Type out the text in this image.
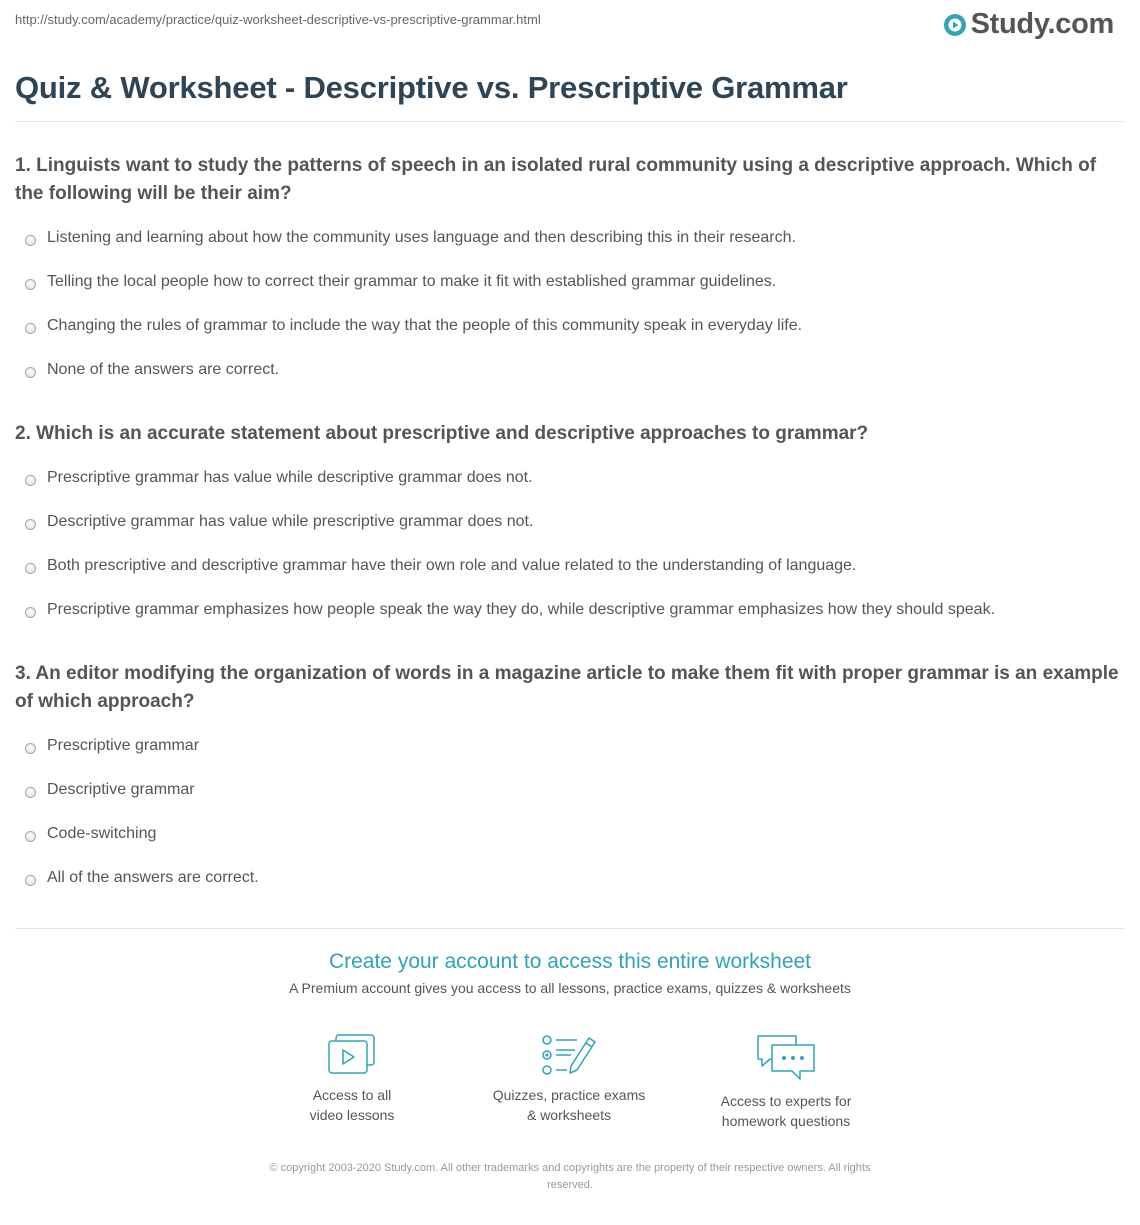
http://study.com/academy/practice/quiz-worksheet-descriptive-vs-prescriptive-grammar.html	Study.com
Quiz & Worksheet - Descriptive vs. Prescriptive Grammar

1. Linguists want to study the patterns of speech in an isolated rural community using a descriptive approach. Which of the following will be their aim?

Listening and learning about how the community uses language and then describing this in their research.
Telling the local people how to correct their grammar to make it fit with established grammar guidelines.
Changing the rules of grammar to include the way that the people of this community speak in everyday life.
None of the answers are correct.

2. Which is an accurate statement about prescriptive and descriptive approaches to grammar?

Prescriptive grammar has value while descriptive grammar does not.
Descriptive grammar has value while prescriptive grammar does not.
Both prescriptive and descriptive grammar have their own role and value related to the understanding of language.
Prescriptive grammar emphasizes how people speak the way they do, while descriptive grammar emphasizes how they should speak.

3. An editor modifying the organization of words in a magazine article to make them fit with proper grammar is an example of which approach?

Prescriptive grammar
Descriptive grammar
Code-switching
All of the answers are correct.

Create your account to access this entire worksheet

A Premium account gives you access to all lessons, practice exams, quizzes & worksheets
Access to all
video lessons
Quizzes, practice exams
& worksheets
Access to experts for
homework questions
© copyright 2003-2020 Study.com. All other trademarks and copyrights are the property of their respective owners. All rights
reserved.
